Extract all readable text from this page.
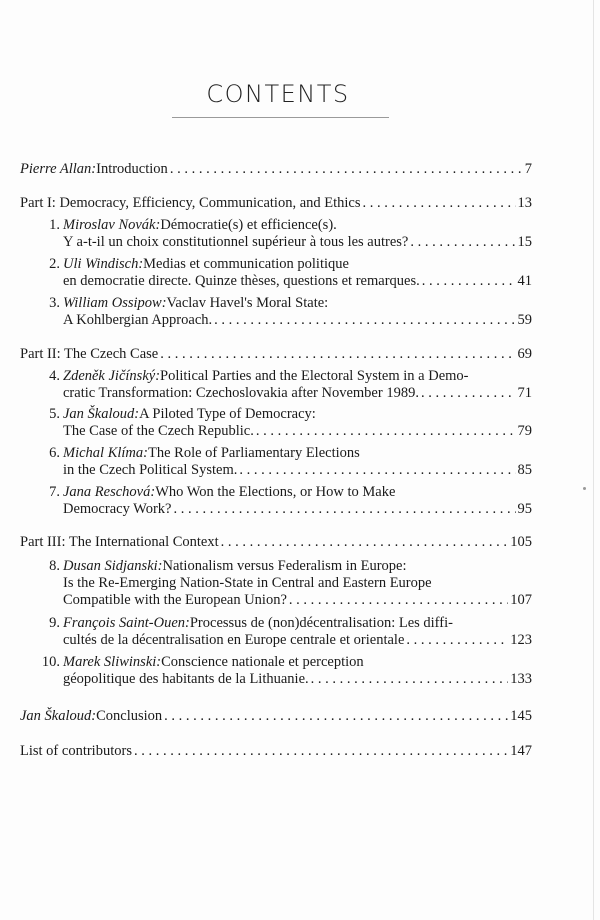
CONTENTS
Pierre Allan: Introduction . . .	7
Part I: Democracy, Efficiency, Communication, and Ethics . . .	13
1. Miroslav Novák: Démocratie(s) et efficience(s).
Y a-t-il un choix constitutionnel supérieur à tous les autres? . . .	15
2. Uli Windisch: Medias et communication politique
en democratie directe. Quinze thèses, questions et remarques. . . .	41
3. William Ossipow: Vaclav Havel's Moral State:
A Kohlbergian Approach. . . .	59
Part II: The Czech Case . . .	69
4. Zdeněk Jičínský: Political Parties and the Electoral System in a Demo-
cratic Transformation: Czechoslovakia after November 1989. . . .	71
5. Jan Škaloud: A Piloted Type of Democracy:
The Case of the Czech Republic. . . .	79
6. Michal Klíma: The Role of Parliamentary Elections
in the Czech Political System. . . .	85
7. Jana Reschová: Who Won the Elections, or How to Make
Democracy Work? . . .	95
Part III: The International Context . . .	105
8. Dusan Sidjanski: Nationalism versus Federalism in Europe:
Is the Re-Emerging Nation-State in Central and Eastern Europe
Compatible with the European Union? . . .	107
9. François Saint-Ouen: Processus de (non)décentralisation: Les diffi-
cultés de la décentralisation en Europe centrale et orientale . . .	123
10. Marek Sliwinski: Conscience nationale et perception
géopolitique des habitants de la Lithuanie. . . .	133
Jan Škaloud: Conclusion . . .	145
List of contributors . . .	147
